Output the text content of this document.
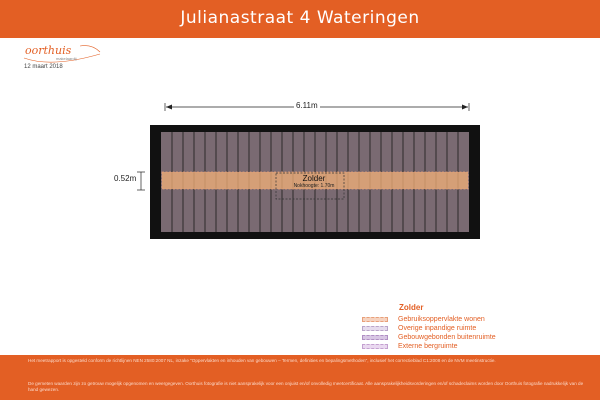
Julianastraat 4 Wateringen
oorthuis
makelaardij
12 maart 2018
6.11m
0.52m	Zolder
Nokhoogte: 1.70m
Zolder
Gebruiksoppervlakte wonen
Overige inpandige ruimte
Gebouwgebonden buitenruimte
Externe bergruimte

Het meetrapport is opgesteld conform de richtlijnen NEN 2580:2007 NL, inzake "Oppervlakten en inhouden van gebouwen – Termen, definities en bepalingsmethoden", inclusief het correctieblad C1:2008 en de NVM meetinstructie.

De gemeten waarden zijn zo getrouw mogelijk opgenomen en weergegeven. Oorthuis fotografie is niet aansprakelijk voor een onjuist en/of onvolledig meetcertificaat. Alle aansprakelijkheidsvorderingen en/of schadeclaims worden door Oorthuis fotografie nadrukkelijk van de hand gewezen.
